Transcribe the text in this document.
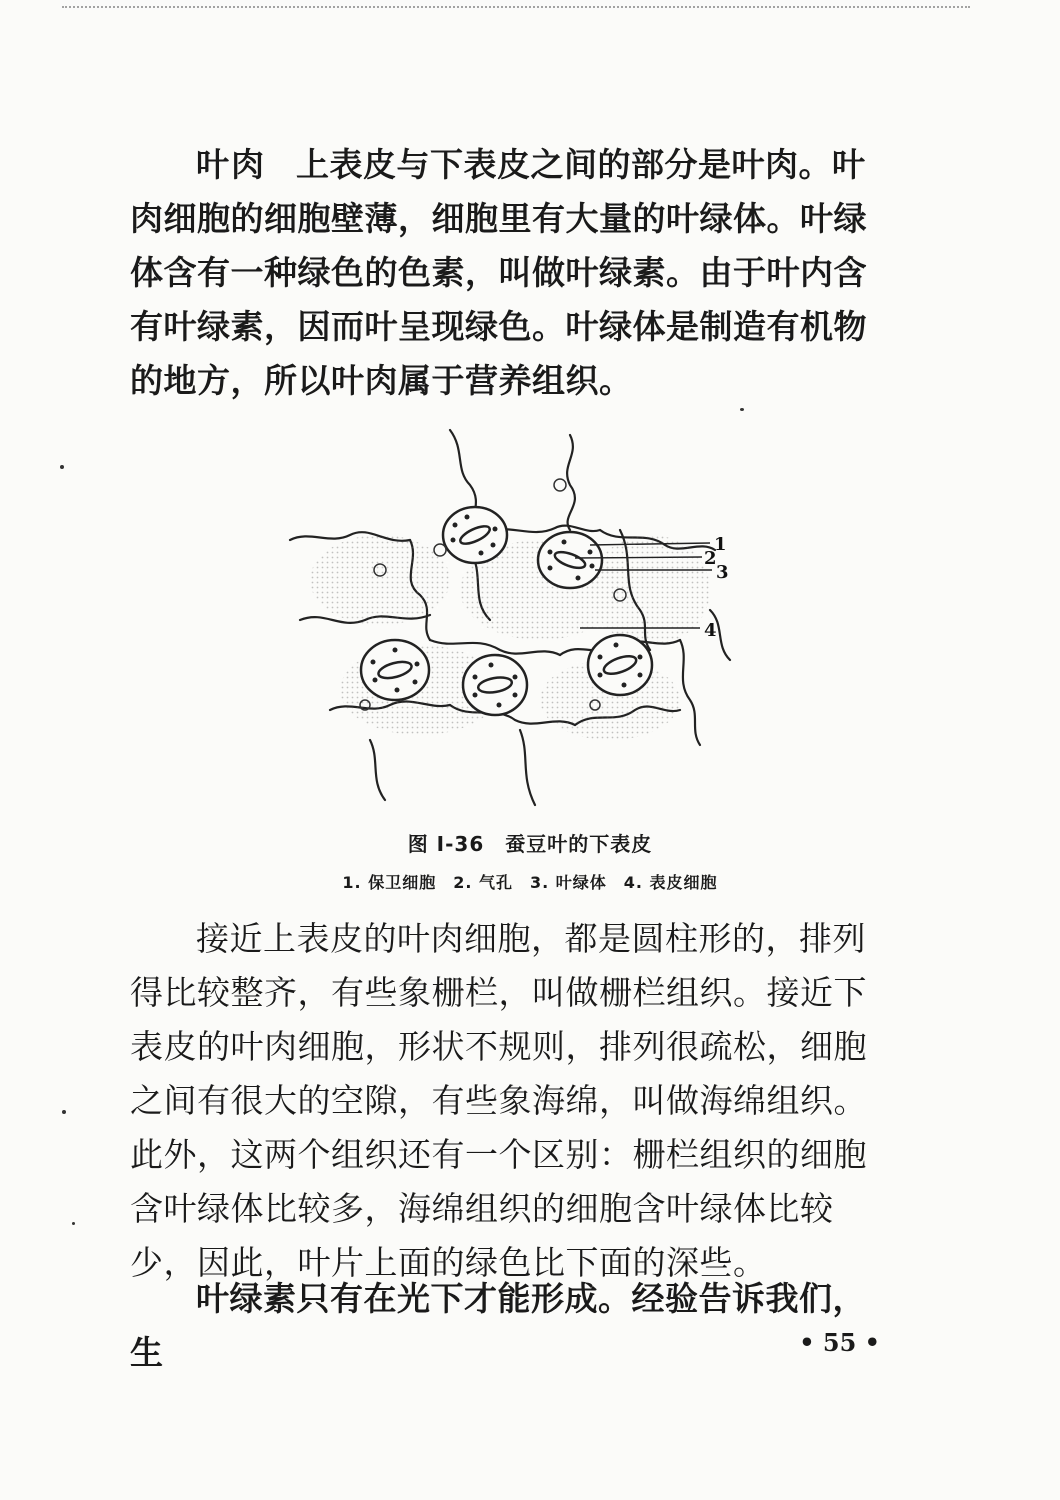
叶肉 上表皮与下表皮之间的部分是叶肉。叶肉细胞的细胞壁薄，细胞里有大量的叶绿体。叶绿体含有一种绿色的色素，叫做叶绿素。由于叶内含有叶绿素，因而叶呈现绿色。叶绿体是制造有机物的地方，所以叶肉属于营养组织。

1
2
3
4

图 I-36　蚕豆叶的下表皮

1. 保卫细胞　2. 气孔　3. 叶绿体　4. 表皮细胞

接近上表皮的叶肉细胞，都是圆柱形的，排列得比较整齐，有些象栅栏，叫做栅栏组织。接近下表皮的叶肉细胞，形状不规则，排列很疏松，细胞之间有很大的空隙，有些象海绵，叫做海绵组织。此外，这两个组织还有一个区别：栅栏组织的细胞含叶绿体比较多，海绵组织的细胞含叶绿体比较少，因此，叶片上面的绿色比下面的深些。

叶绿素只有在光下才能形成。经验告诉我们，生	• 55 •
